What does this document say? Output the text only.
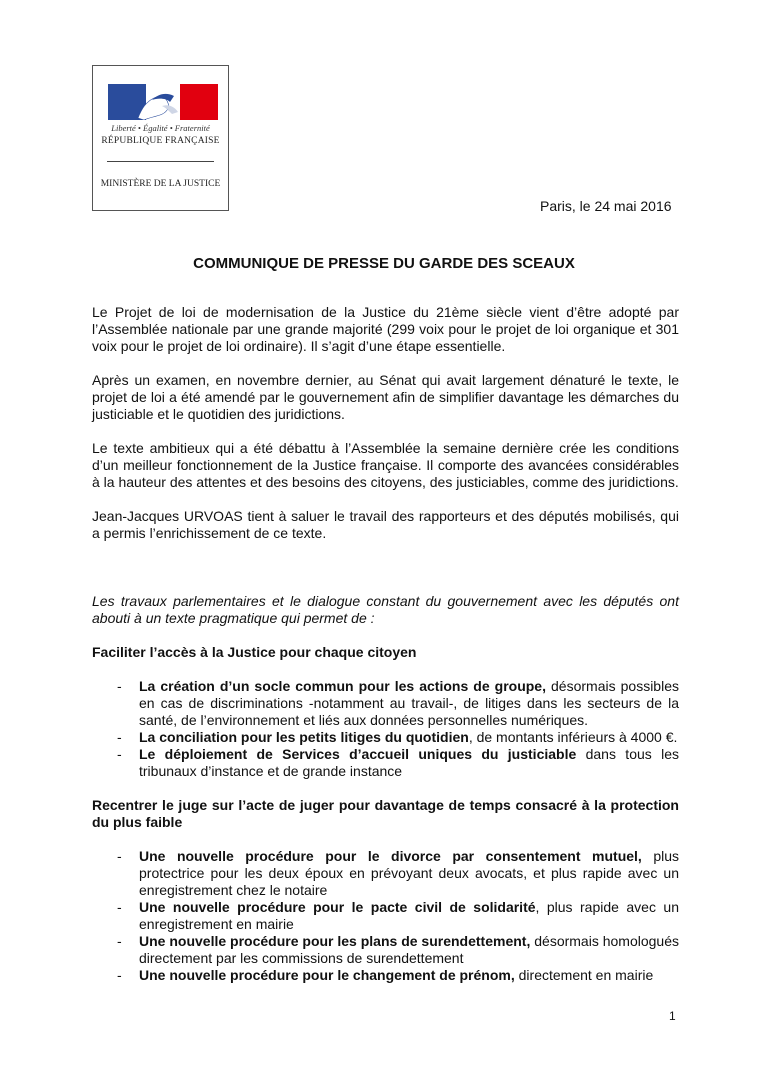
Liberté • Égalité • Fraternité
RÉPUBLIQUE FRANÇAISE
MINISTÈRE DE LA JUSTICE
Paris, le 24 mai 2016
COMMUNIQUE DE PRESSE DU GARDE DES SCEAUX

Le Projet de loi de modernisation de la Justice du 21ème siècle vient d’être adopté par l’Assemblée nationale par une grande majorité (299 voix pour le projet de loi organique et 301 voix pour le projet de loi ordinaire). Il s’agit d’une étape essentielle.

Après un examen, en novembre dernier, au Sénat qui avait largement dénaturé le texte, le projet de loi a été amendé par le gouvernement afin de simplifier davantage les démarches du justiciable et le quotidien des juridictions.

Le texte ambitieux qui a été débattu à l’Assemblée la semaine dernière crée les conditions d’un meilleur fonctionnement de la Justice française. Il comporte des avancées considérables à la hauteur des attentes et des besoins des citoyens, des justiciables, comme des juridictions.

Jean-Jacques URVOAS tient à saluer le travail des rapporteurs et des députés mobilisés, qui a permis l’enrichissement de ce texte.

Les travaux parlementaires et le dialogue constant du gouvernement avec les députés ont abouti à un texte pragmatique qui permet de :

Faciliter l’accès à la Justice pour chaque citoyen

- La création d’un socle commun pour les actions de groupe, désormais possibles en cas de discriminations -notamment au travail-, de litiges dans les secteurs de la santé, de l’environnement et liés aux données personnelles numériques.
- La conciliation pour les petits litiges du quotidien, de montants inférieurs à 4000 €.
- Le déploiement de Services d’accueil uniques du justiciable dans tous les tribunaux d’instance et de grande instance

Recentrer le juge sur l’acte de juger pour davantage de temps consacré à la protection du plus faible

- Une nouvelle procédure pour le divorce par consentement mutuel, plus protectrice pour les deux époux en prévoyant deux avocats, et plus rapide avec un enregistrement chez le notaire
- Une nouvelle procédure pour le pacte civil de solidarité, plus rapide avec un enregistrement en mairie
- Une nouvelle procédure pour les plans de surendettement, désormais homologués directement par les commissions de surendettement
- Une nouvelle procédure pour le changement de prénom, directement en mairie
1
